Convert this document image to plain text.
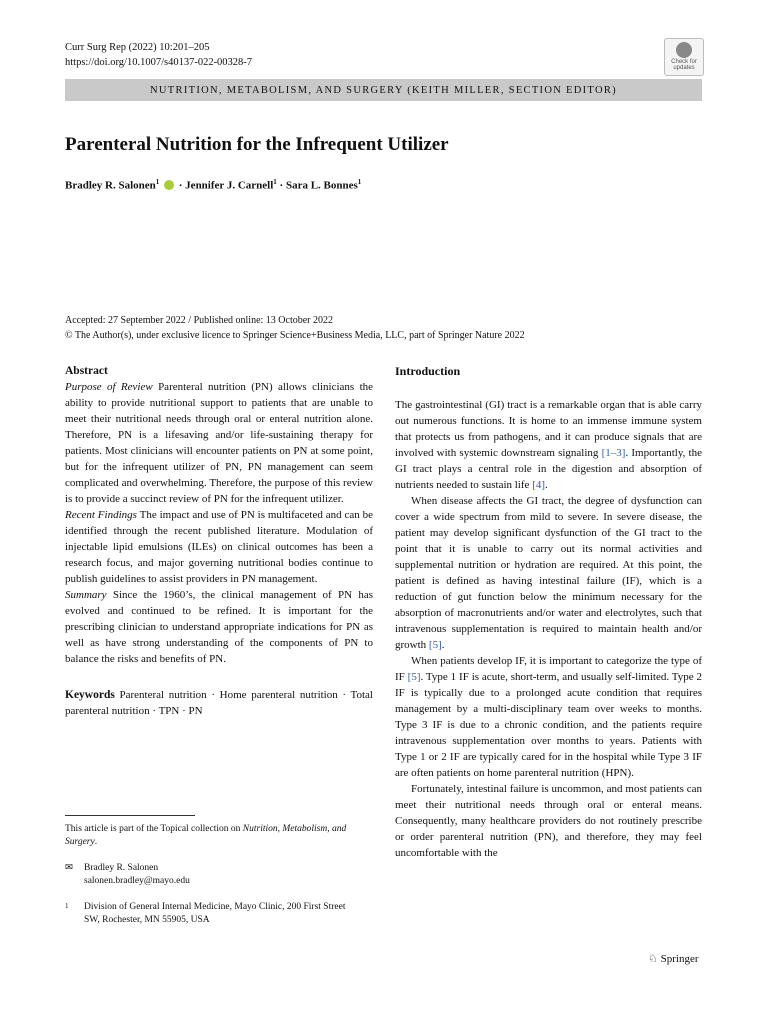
Curr Surg Rep (2022) 10:201–205
https://doi.org/10.1007/s40137-022-00328-7	Check for
updates
NUTRITION, METABOLISM, AND SURGERY (KEITH MILLER, SECTION EDITOR)
Parenteral Nutrition for the Infrequent Utilizer
Bradley R. Salonen$^1$ · Jennifer J. Carnell$^1$ · Sara L. Bonnes$^1$
Accepted: 27 September 2022 / Published online: 13 October 2022
© The Author(s), under exclusive licence to Springer Science+Business Media, LLC, part of Springer Nature 2022

Abstract

Purpose of Review Parenteral nutrition (PN) allows clinicians the ability to provide nutritional support to patients that are unable to meet their nutritional needs through oral or enteral nutrition alone. Therefore, PN is a lifesaving and/or life-sustaining therapy for patients. Most clinicians will encounter patients on PN at some point, but for the infrequent utilizer of PN, PN management can seem complicated and overwhelming. Therefore, the purpose of this review is to provide a succinct review of PN for the infrequent utilizer.

Recent Findings The impact and use of PN is multifaceted and can be identified through the recent published literature. Modulation of injectable lipid emulsions (ILEs) on clinical outcomes has been a research focus, and major governing nutritional bodies continue to publish guidelines to assist providers in PN management.

Summary Since the 1960’s, the clinical management of PN has evolved and continued to be refined. It is important for the prescribing clinician to understand appropriate indications for PN as well as have strong understanding of the components of PN to balance the risks and benefits of PN.

Keywords Parenteral nutrition · Home parenteral nutrition · Total parenteral nutrition · TPN · PN

This article is part of the Topical collection on Nutrition, Metabolism, and Surgery.
✉ Bradley R. Salonen
salonen.bradley@mayo.edu
1 Division of General Internal Medicine, Mayo Clinic, 200 First Street SW, Rochester, MN 55905, USA

Introduction

The gastrointestinal (GI) tract is a remarkable organ that is able carry out numerous functions. It is home to an immense immune system that protects us from pathogens, and it can produce signals that are involved with systemic downstream signaling [1–3]. Importantly, the GI tract plays a central role in the digestion and absorption of nutrients needed to sustain life [4].

When disease affects the GI tract, the degree of dysfunction can cover a wide spectrum from mild to severe. In severe disease, the patient may develop significant dysfunction of the GI tract to the point that it is unable to carry out its normal activities and supplemental nutrition or hydration are required. At this point, the patient is defined as having intestinal failure (IF), which is a reduction of gut function below the minimum necessary for the absorption of macronutrients and/or water and electrolytes, such that intravenous supplementation is required to maintain health and/or growth [5].

When patients develop IF, it is important to categorize the type of IF [5]. Type 1 IF is acute, short-term, and usually self-limited. Type 2 IF is typically due to a prolonged acute condition that requires management by a multi-disciplinary team over weeks to months. Type 3 IF is due to a chronic condition, and the patients require intravenous supplementation over months to years. Patients with Type 1 or 2 IF are typically cared for in the hospital while Type 3 IF are often patients on home parenteral nutrition (HPN).

Fortunately, intestinal failure is uncommon, and most patients can meet their nutritional needs through oral or enteral means. Consequently, many healthcare providers do not routinely prescribe or order parenteral nutrition (PN), and therefore, they may feel uncomfortable with the

♘ Springer
